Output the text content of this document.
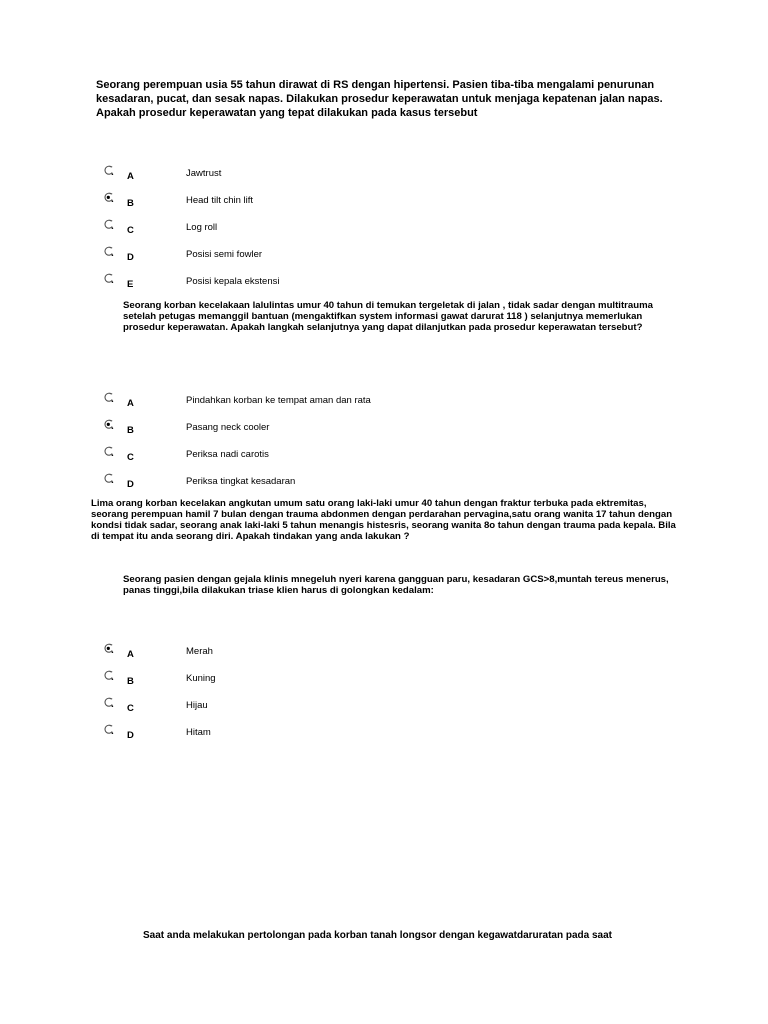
Seorang perempuan usia 55 tahun dirawat di RS dengan hipertensi. Pasien tiba-tiba mengalami penurunan kesadaran, pucat, dan sesak napas. Dilakukan prosedur keperawatan untuk menjaga kepatenan jalan napas. Apakah prosedur keperawatan yang tepat dilakukan pada kasus tersebut
A	Jawtrust
B	Head tilt chin lift
C	Log roll
D	Posisi semi fowler
E	Posisi kepala ekstensi
Seorang korban kecelakaan lalulintas umur 40 tahun di temukan tergeletak di jalan , tidak sadar dengan multitrauma setelah petugas memanggil bantuan (mengaktifkan system informasi gawat darurat 118 ) selanjutnya memerlukan prosedur keperawatan. Apakah langkah selanjutnya yang dapat dilanjutkan pada prosedur keperawatan tersebut?
A	Pindahkan korban ke tempat aman dan rata
B	Pasang neck cooler
C	Periksa nadi carotis
D	Periksa tingkat kesadaran
Lima orang korban kecelakan angkutan umum satu orang laki-laki umur 40 tahun dengan fraktur terbuka pada ektremitas, seorang perempuan hamil 7 bulan dengan trauma abdonmen dengan perdarahan pervagina,satu orang wanita 17 tahun dengan kondsi tidak sadar, seorang anak laki-laki 5 tahun menangis histesris, seorang wanita 8o tahun dengan trauma pada kepala. Bila di tempat itu anda seorang diri. Apakah tindakan yang anda lakukan ?
Seorang pasien dengan gejala klinis mnegeluh nyeri karena gangguan paru, kesadaran GCS>8,muntah tereus menerus, panas tinggi,bila dilakukan triase klien harus di golongkan kedalam:
A	Merah
B	Kuning
C	Hijau
D	Hitam
Saat anda melakukan pertolongan pada korban tanah longsor dengan kegawatdaruratan pada saat
